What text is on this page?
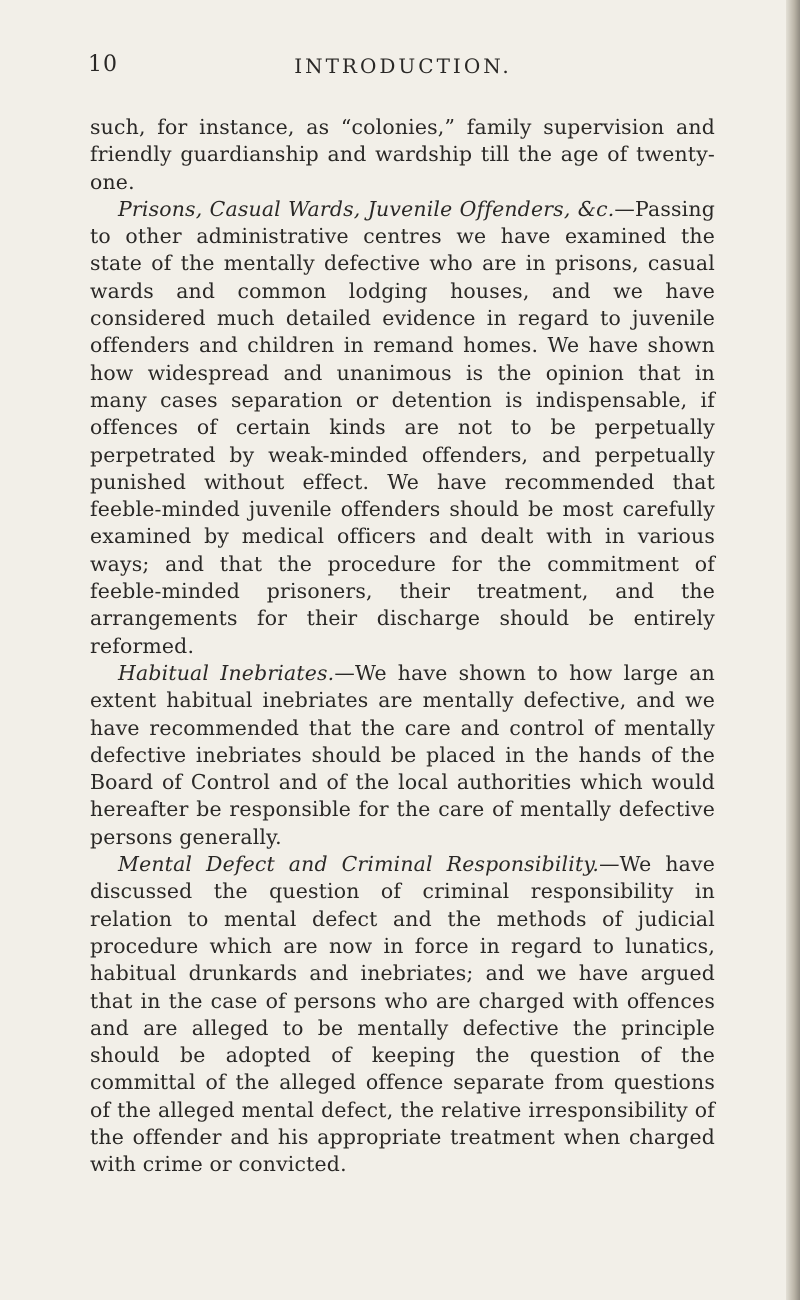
10	INTRODUCTION.

such, for instance, as “colonies,” family supervision and friendly guardianship and wardship till the age of twenty-one.

Prisons, Casual Wards, Juvenile Offenders, &c.—Passing to other administrative centres we have examined the state of the mentally defective who are in prisons, casual wards and common lodging houses, and we have considered much detailed evidence in regard to juvenile offenders and children in remand homes. We have shown how widespread and unanimous is the opinion that in many cases separation or detention is indispensable, if offences of certain kinds are not to be perpetually perpetrated by weak-minded offenders, and perpetually punished without effect. We have recommended that feeble-minded juvenile offenders should be most carefully examined by medical officers and dealt with in various ways; and that the procedure for the commitment of feeble-minded prisoners, their treatment, and the arrangements for their discharge should be entirely reformed.

Habitual Inebriates.—We have shown to how large an extent habitual inebriates are mentally defective, and we have recommended that the care and control of mentally defective inebriates should be placed in the hands of the Board of Control and of the local authorities which would hereafter be responsible for the care of mentally defective persons generally.

Mental Defect and Criminal Responsibility.—We have discussed the question of criminal responsibility in relation to mental defect and the methods of judicial procedure which are now in force in regard to lunatics, habitual drunkards and inebriates; and we have argued that in the case of persons who are charged with offences and are alleged to be mentally defective the principle should be adopted of keeping the question of the committal of the alleged offence separate from questions of the alleged mental defect, the relative irresponsibility of the offender and his appropriate treatment when charged with crime or convicted.
